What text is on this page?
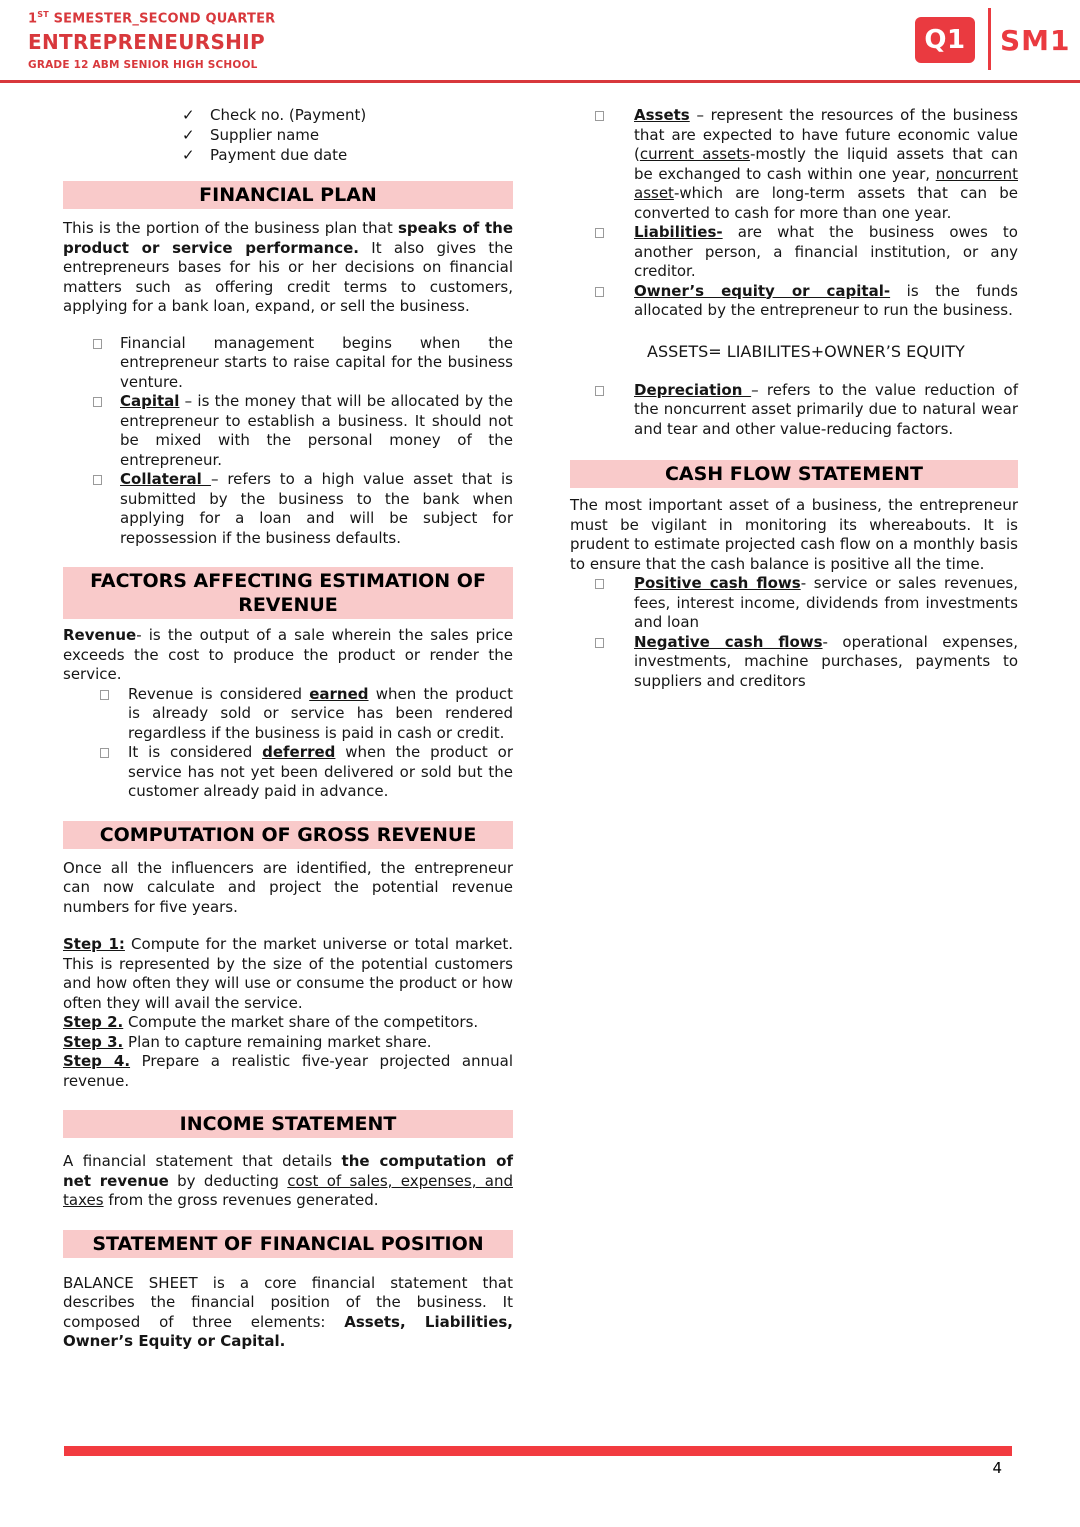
1ST SEMESTER_SECOND QUARTER
ENTREPRENEURSHIP
GRADE 12 ABM SENIOR HIGH SCHOOL
Q1	SM1
✓ Check no. (Payment)
✓ Supplier name
✓ Payment due date
FINANCIAL PLAN

This is the portion of the business plan that speaks of the product or service performance. It also gives the entrepreneurs bases for his or her decisions on financial matters such as offering credit terms to customers, applying for a bank loan, expand, or sell the business.

Financial management begins when the entrepreneur starts to raise capital for the business venture.
Capital – is the money that will be allocated by the entrepreneur to establish a business. It should not be mixed with the personal money of the entrepreneur.
Collateral – refers to a high value asset that is submitted by the business to the bank when applying for a loan and will be subject for repossession if the business defaults.
FACTORS AFFECTING ESTIMATION OF REVENUE

Revenue- is the output of a sale wherein the sales price exceeds the cost to produce the product or render the service.

Revenue is considered earned when the product is already sold or service has been rendered regardless if the business is paid in cash or credit.
It is considered deferred when the product or service has not yet been delivered or sold but the customer already paid in advance.
COMPUTATION OF GROSS REVENUE

Once all the influencers are identified, the entrepreneur can now calculate and project the potential revenue numbers for five years.

Step 1: Compute for the market universe or total market. This is represented by the size of the potential customers and how often they will use or consume the product or how often they will avail the service.

Step 2. Compute the market share of the competitors.

Step 3. Plan to capture remaining market share.

Step 4. Prepare a realistic five-year projected annual revenue.

INCOME STATEMENT

A financial statement that details the computation of net revenue by deducting cost of sales, expenses, and taxes from the gross revenues generated.

STATEMENT OF FINANCIAL POSITION

BALANCE SHEET is a core financial statement that describes the financial position of the business. It composed of three elements: Assets, Liabilities, Owner’s Equity or Capital.

Assets – represent the resources of the business that are expected to have future economic value (current assets-mostly the liquid assets that can be exchanged to cash within one year, noncurrent asset-which are long-term assets that can be converted to cash for more than one year.
Liabilities- are what the business owes to another person, a financial institution, or any creditor.
Owner’s equity or capital- is the funds allocated by the entrepreneur to run the business.

ASSETS= LIABILITES+OWNER’S EQUITY

Depreciation – refers to the value reduction of the noncurrent asset primarily due to natural wear and tear and other value-reducing factors.
CASH FLOW STATEMENT

The most important asset of a business, the entrepreneur must be vigilant in monitoring its whereabouts. It is prudent to estimate projected cash flow on a monthly basis to ensure that the cash balance is positive all the time.

Positive cash flows- service or sales revenues, fees, interest income, dividends from investments and loan
Negative cash flows- operational expenses, investments, machine purchases, payments to suppliers and creditors
4
